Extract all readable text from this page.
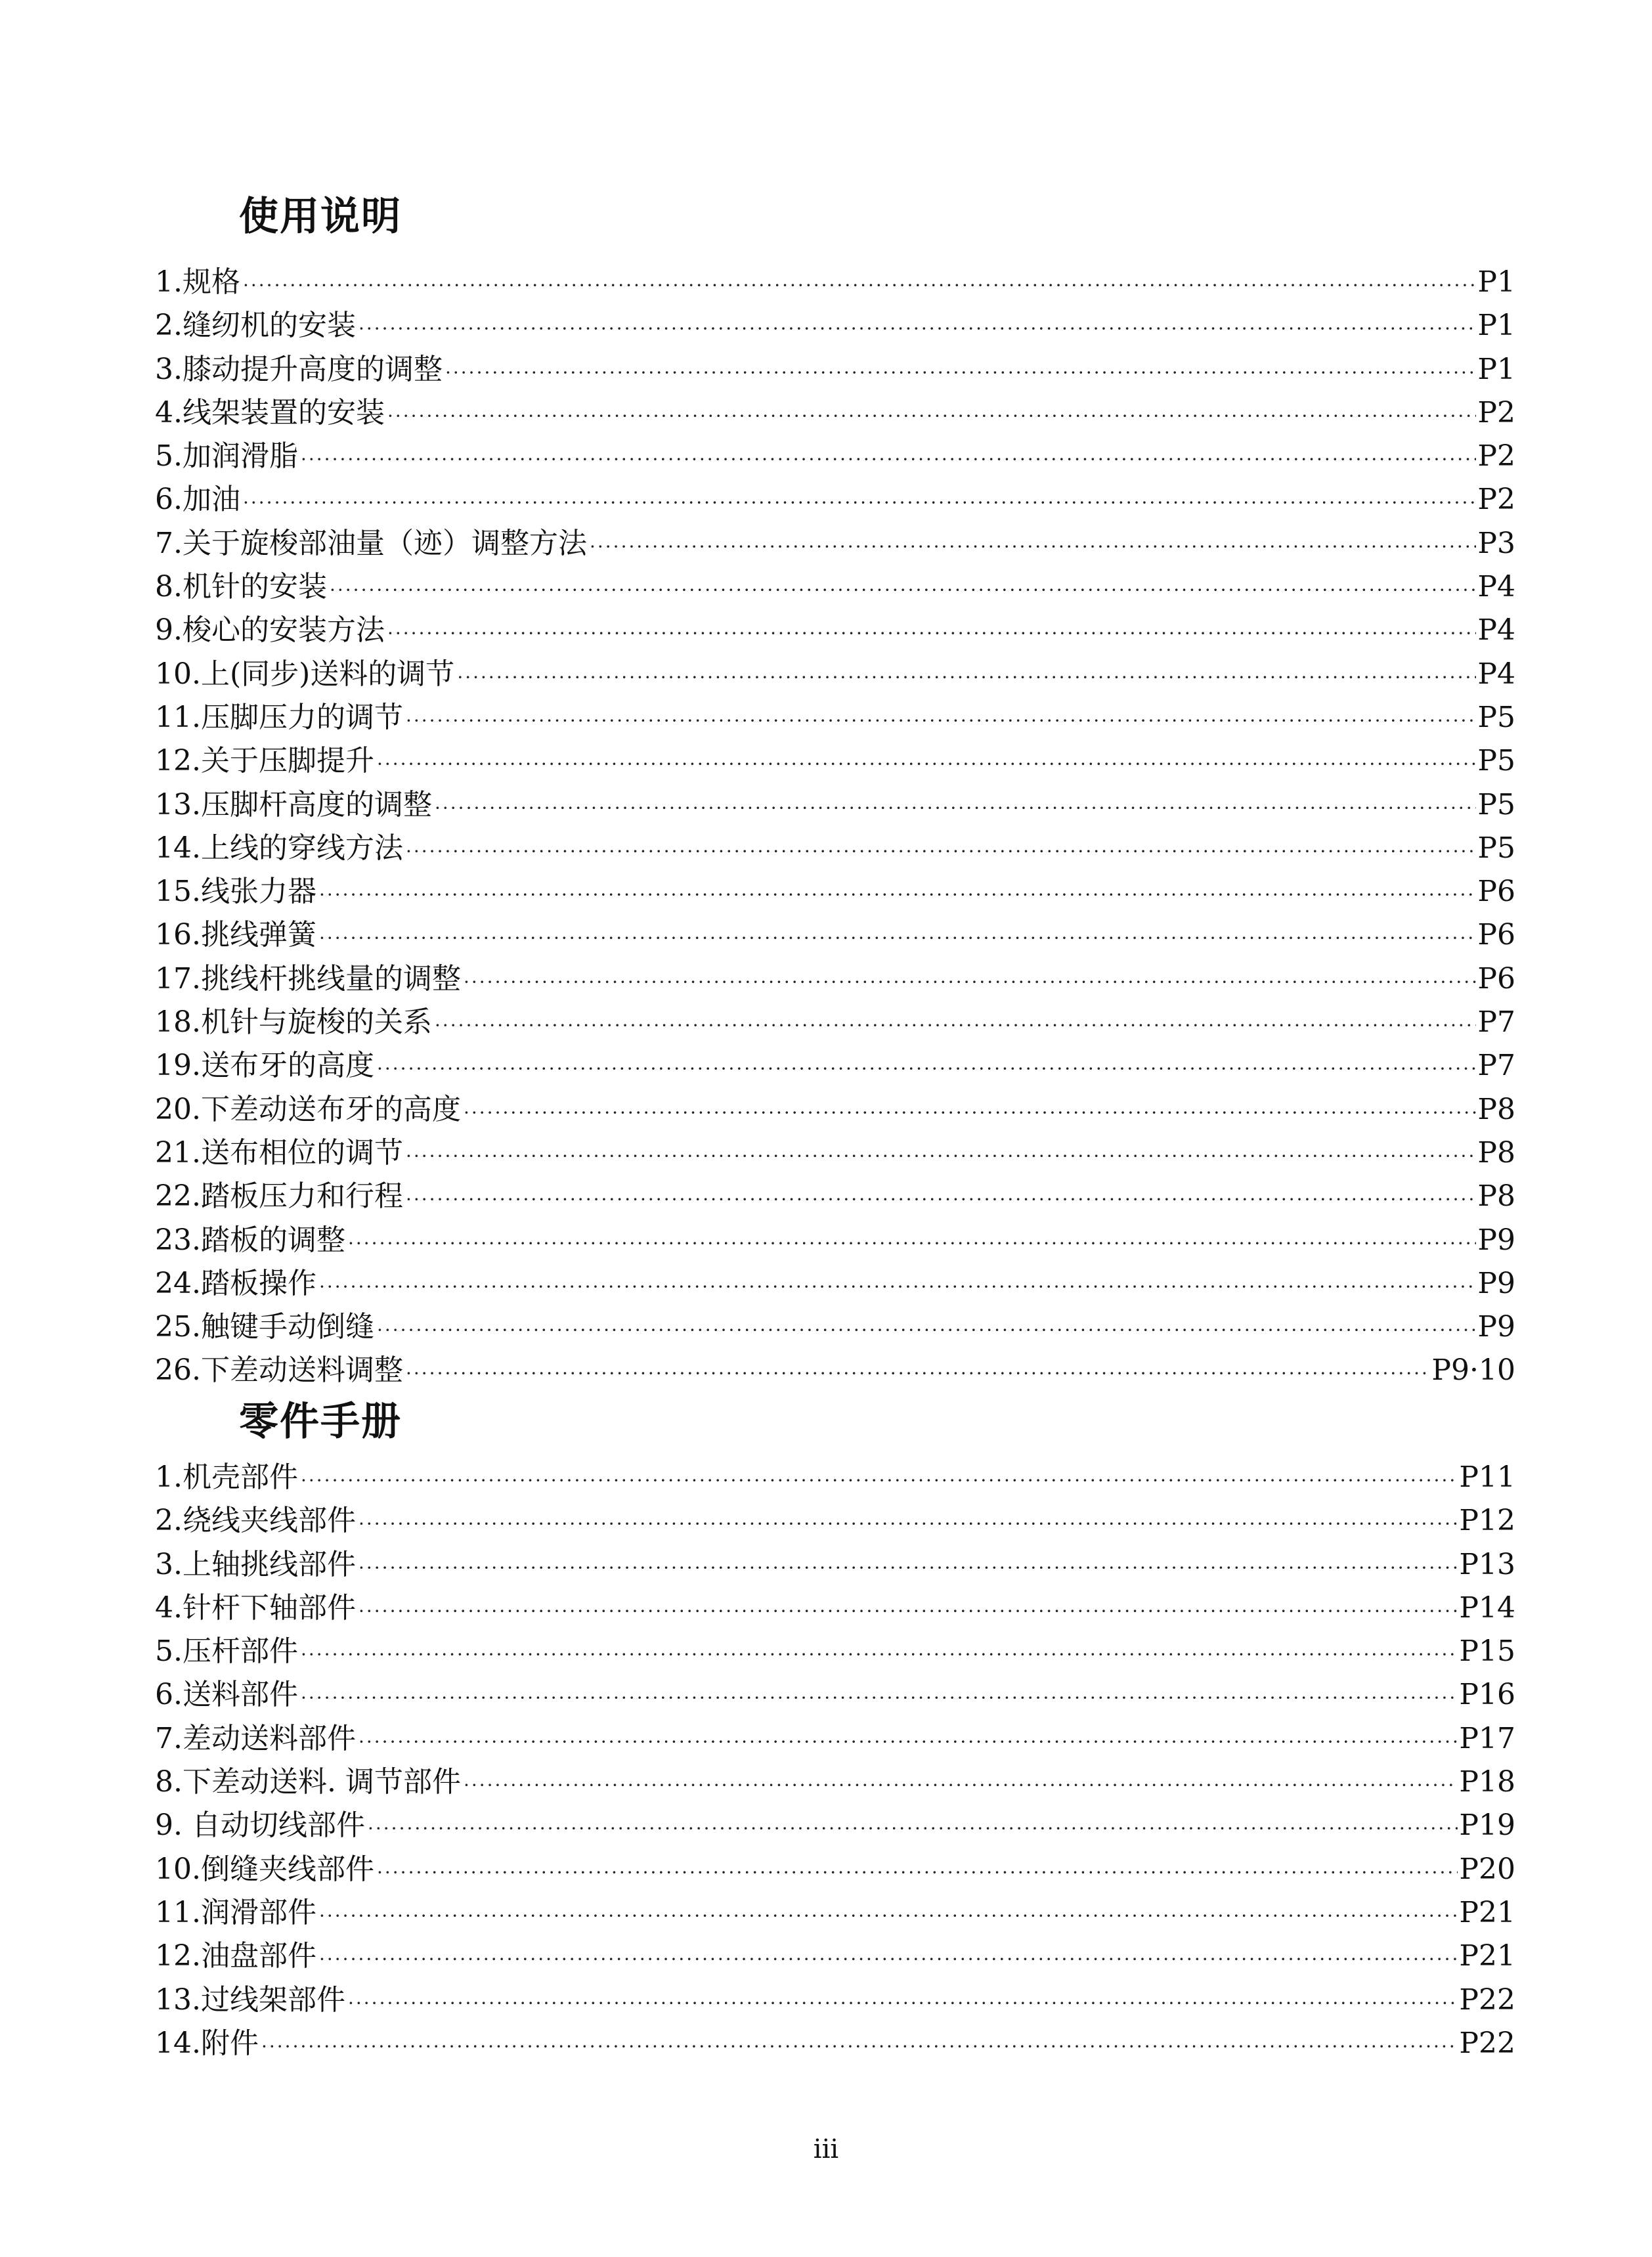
使用说明
1.规格 ·····	P1
2.缝纫机的安装 ·····	P1
3.膝动提升高度的调整 ·····	P1
4.线架装置的安装 ·····	P2
5.加润滑脂 ·····	P2
6.加油 ·····	P2
7.关于旋梭部油量（迹）调整方法 ·····	P3
8.机针的安装 ·····	P4
9.梭心的安装方法 ·····	P4
10.上(同步)送料的调节 ·····	P4
11.压脚压力的调节 ·····	P5
12.关于压脚提升 ·····	P5
13.压脚杆高度的调整 ·····	P5
14.上线的穿线方法 ·····	P5
15.线张力器 ·····	P6
16.挑线弹簧 ·····	P6
17.挑线杆挑线量的调整 ·····	P6
18.机针与旋梭的关系 ·····	P7
19.送布牙的高度 ·····	P7
20.下差动送布牙的高度 ·····	P8
21.送布相位的调节 ·····	P8
22.踏板压力和行程 ·····	P8
23.踏板的调整 ·····	P9
24.踏板操作 ·····	P9
25.触键手动倒缝 ·····	P9
26.下差动送料调整 ·····	P9·10
零件手册
1.机壳部件 ·····	P11
2.绕线夹线部件 ·····	P12
3.上轴挑线部件 ·····	P13
4.针杆下轴部件 ·····	P14
5.压杆部件 ·····	P15
6.送料部件 ·····	P16
7.差动送料部件 ·····	P17
8.下差动送料. 调节部件 ·····	P18
9. 自动切线部件 ·····	P19
10.倒缝夹线部件 ·····	P20
11.润滑部件 ·····	P21
12.油盘部件 ·····	P21
13.过线架部件 ·····	P22
14.附件 ·····	P22
iii
